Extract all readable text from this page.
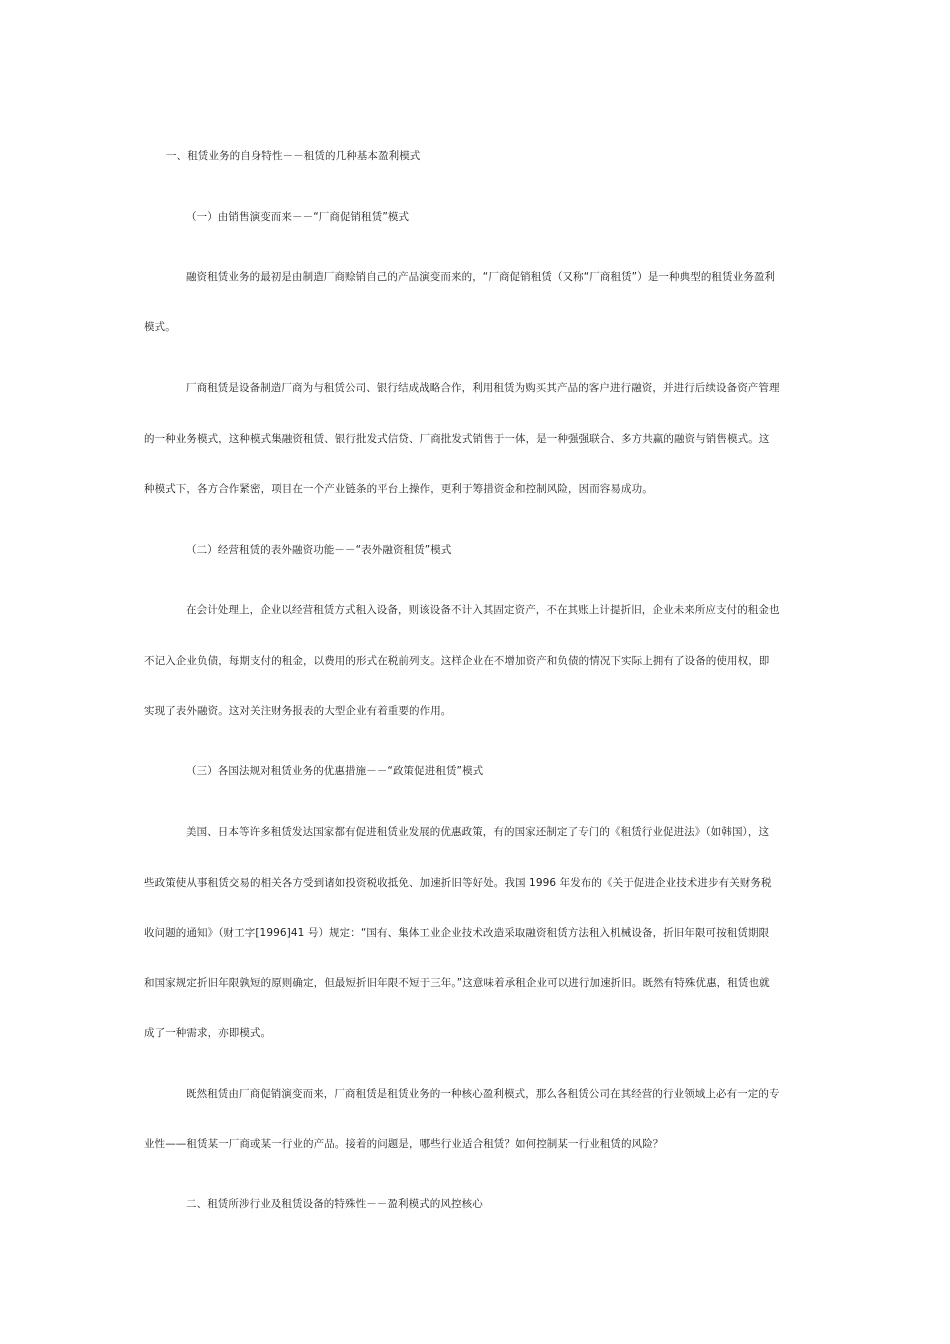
一、租赁业务的自身特性－－租赁的几种基本盈利模式
（一）由销售演变而来－－“厂商促销租赁”模式
融资租赁业务的最初是由制造厂商赊销自己的产品演变而来的，“厂商促销租赁（又称“厂商租赁”）是一种典型的租赁业务盈利
模式。
厂商租赁是设备制造厂商为与租赁公司、银行结成战略合作，利用租赁为购买其产品的客户进行融资，并进行后续设备资产管理
的一种业务模式，这种模式集融资租赁、银行批发式信贷、厂商批发式销售于一体，是一种强强联合、多方共赢的融资与销售模式。这
种模式下，各方合作紧密，项目在一个产业链条的平台上操作，更利于筹措资金和控制风险，因而容易成功。
（二）经营租赁的表外融资功能－－“表外融资租赁”模式
在会计处理上，企业以经营租赁方式租入设备，则该设备不计入其固定资产，不在其账上计提折旧，企业未来所应支付的租金也
不记入企业负债，每期支付的租金，以费用的形式在税前列支。这样企业在不增加资产和负债的情况下实际上拥有了设备的使用权，即
实现了表外融资。这对关注财务报表的大型企业有着重要的作用。
（三）各国法规对租赁业务的优惠措施－－“政策促进租赁”模式
美国、日本等许多租赁发达国家都有促进租赁业发展的优惠政策，有的国家还制定了专门的《租赁行业促进法》（如韩国），这
些政策使从事租赁交易的相关各方受到诸如投资税收抵免、加速折旧等好处。我国 1996 年发布的《关于促进企业技术进步有关财务税
收问题的通知》（财工字[1996]41 号）规定：“国有、集体工业企业技术改造采取融资租赁方法租入机械设备，折旧年限可按租赁期限
和国家规定折旧年限孰短的原则确定，但最短折旧年限不短于三年。”这意味着承租企业可以进行加速折旧。既然有特殊优惠，租赁也就
成了一种需求，亦即模式。
既然租赁由厂商促销演变而来，厂商租赁是租赁业务的一种核心盈利模式，那么各租赁公司在其经营的行业领域上必有一定的专
业性——租赁某一厂商或某一行业的产品。接着的问题是，哪些行业适合租赁？如何控制某一行业租赁的风险？
二、租赁所涉行业及租赁设备的特殊性－－盈利模式的风控核心
